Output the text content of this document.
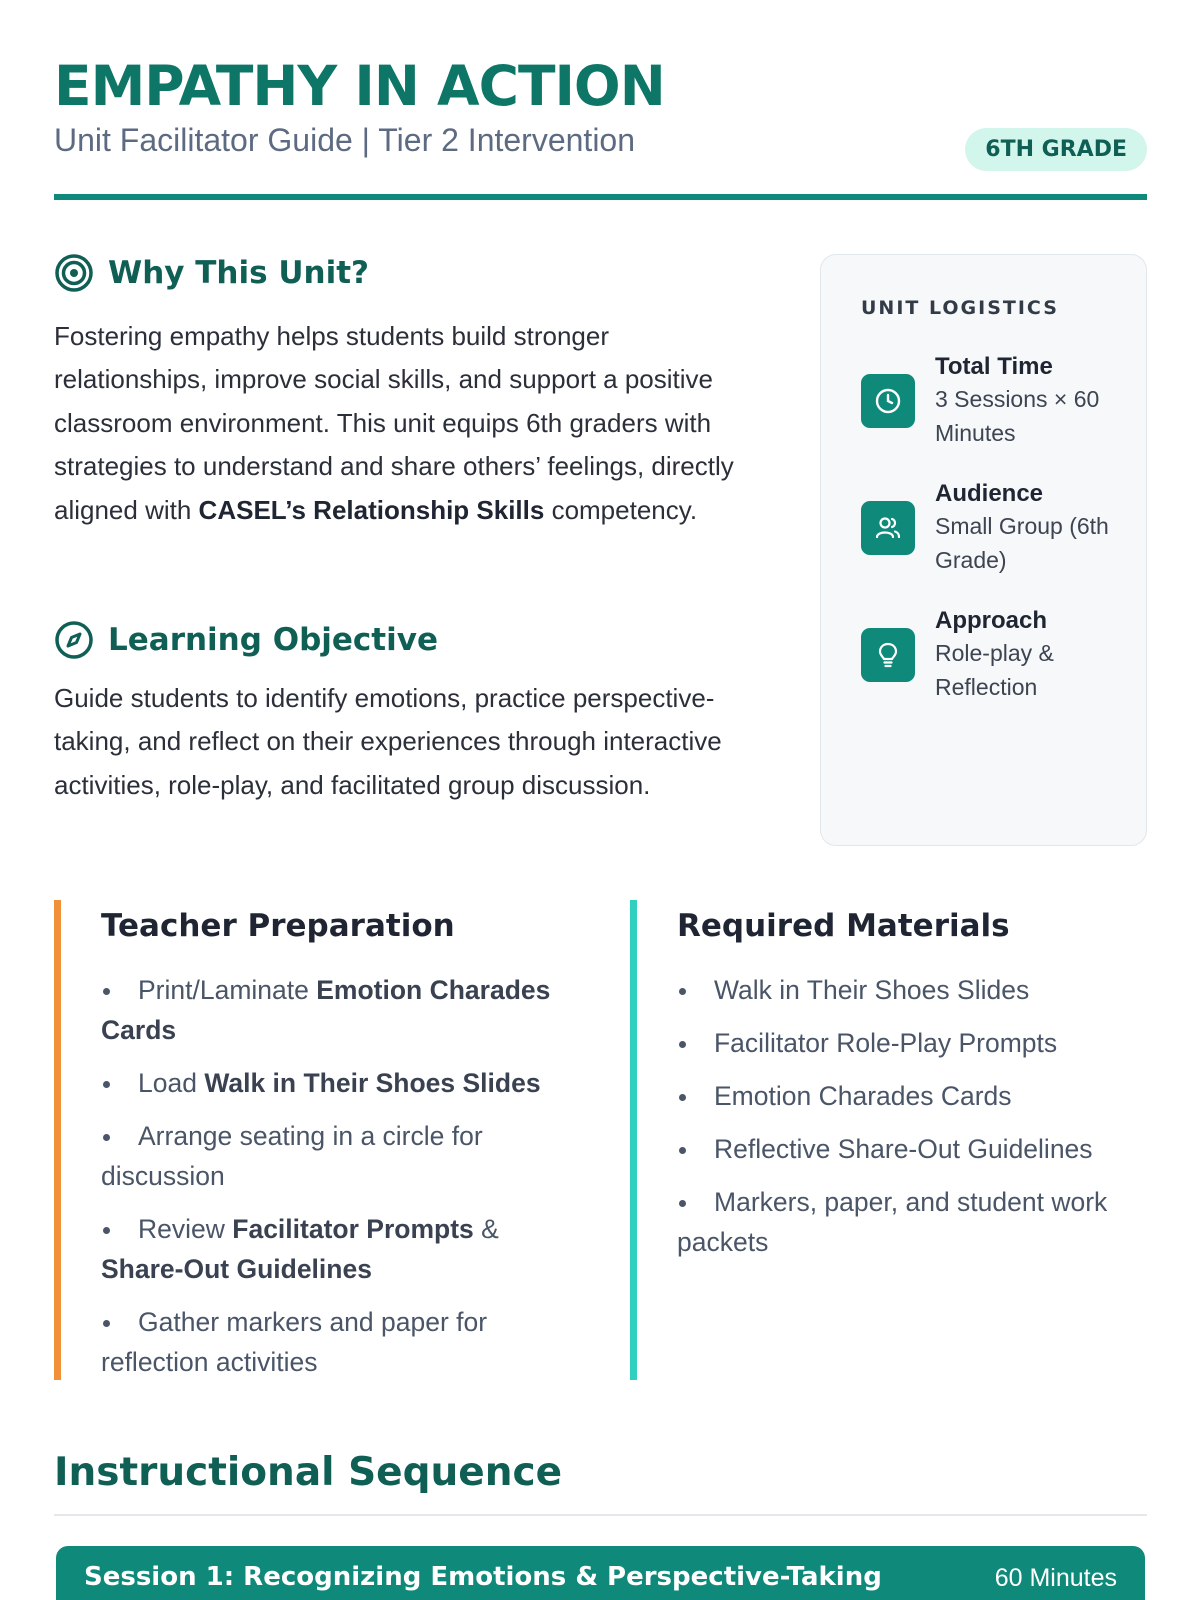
EMPATHY IN ACTION
Unit Facilitator Guide | Tier 2 Intervention	6TH GRADE
Why This Unit?
Fostering empathy helps students build stronger relationships, improve social skills, and support a positive classroom environment. This unit equips 6th graders with strategies to understand and share others’ feelings, directly aligned with CASEL’s Relationship Skills competency.
Learning Objective
Guide students to identify emotions, practice perspective-taking, and reflect on their experiences through interactive activities, role-play, and facilitated group discussion.
UNIT LOGISTICS
Total Time
3 Sessions × 60 Minutes
Audience
Small Group (6th Grade)
Approach
Role-play & Reflection
Teacher Preparation
Print/Laminate Emotion Charades Cards
Load Walk in Their Shoes Slides
Arrange seating in a circle for discussion
Review Facilitator Prompts & Share-Out Guidelines
Gather markers and paper for reflection activities
Required Materials
Walk in Their Shoes Slides
Facilitator Role-Play Prompts
Emotion Charades Cards
Reflective Share-Out Guidelines
Markers, paper, and student work packets
Instructional Sequence
Session 1: Recognizing Emotions & Perspective-Taking	60 Minutes
